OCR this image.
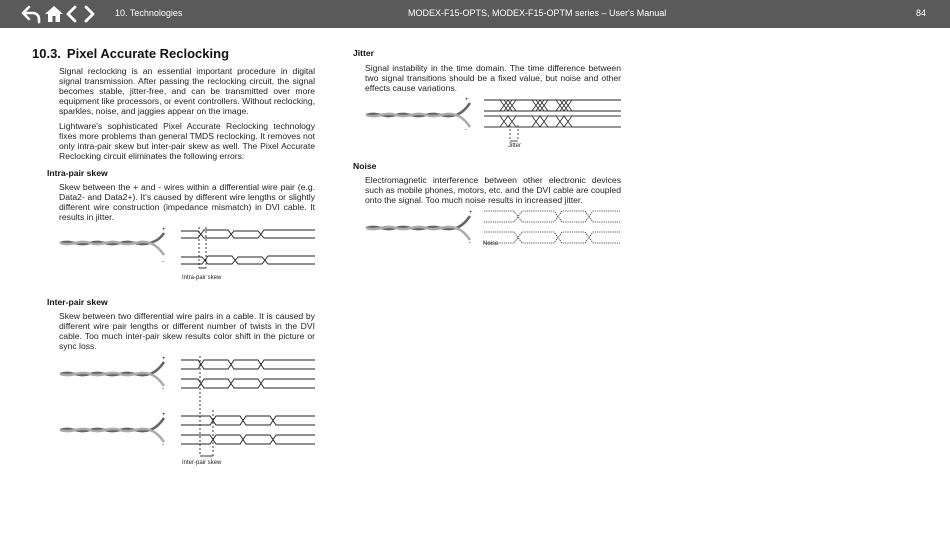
10. Technologies	MODEX-F15-OPTS, MODEX-F15-OPTM series – User's Manual	84
10.3. Pixel Accurate Reclocking
Signal reclocking is an essential important procedure in digital signal transmission. After passing the reclocking circuit, the signal becomes stable, jitter-free, and can be transmitted over more equipment like processors, or event controllers. Without reclocking, sparkles, noise, and jaggies appear on the image.
Lightware's sophisticated Pixel Accurate Reclocking technology fixes more problems than general TMDS reclocking. It removes not only intra-pair skew but inter-pair skew as well. The Pixel Accurate Reclocking circuit eliminates the following errors:
Intra-pair skew
Skew between the + and - wires within a differential wire pair (e.g. Data2- and Data2+). It's caused by different wire lengths or slightly different wire construction (impedance mismatch) in DVI cable. It results in jitter.
+
-
Intra-pair skew
Inter-pair skew
Skew between two differential wire pairs in a cable. It is caused by different wire pair lengths or different number of twists in the DVI cable. Too much inter-pair skew results color shift in the picture or sync loss.
+
-
+
-
Inter-pair skew
Jitter
Signal instability in the time domain. The time difference between two signal transitions should be a fixed value, but noise and other effects cause variations.
+
-
Jitter
Noise
Electromagnetic interference between other electronic devices such as mobile phones, motors, etc. and the DVI cable are coupled onto the signal. Too much noise results in increased jitter.
+
- Noise
